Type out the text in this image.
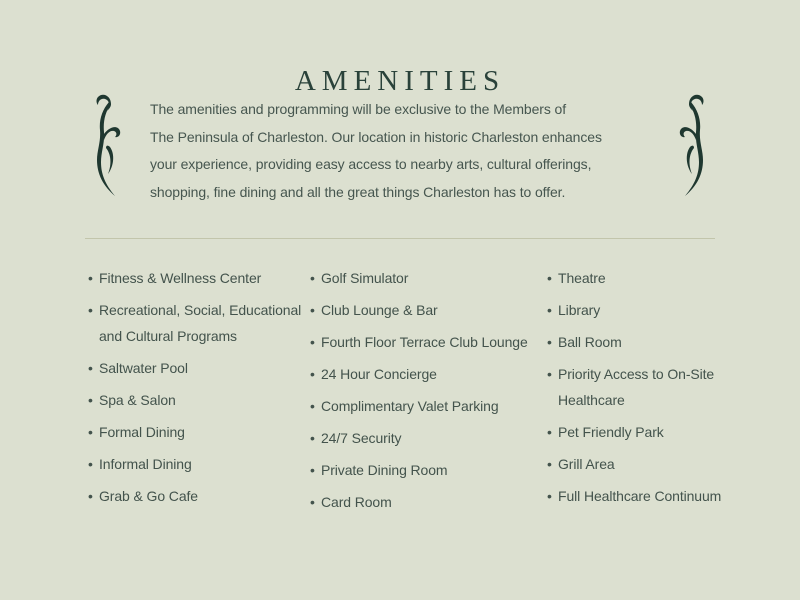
AMENITIES
The amenities and programming will be exclusive to the Members of
The Peninsula of Charleston. Our location in historic Charleston enhances
your experience, providing easy access to nearby arts, cultural offerings,
shopping, fine dining and all the great things Charleston has to offer.
• Fitness & Wellness Center
• Recreational, Social, Educational
and Cultural Programs
• Saltwater Pool
• Spa & Salon
• Formal Dining
• Informal Dining
• Grab & Go Cafe
• Golf Simulator
• Club Lounge & Bar
• Fourth Floor Terrace Club Lounge
• 24 Hour Concierge
• Complimentary Valet Parking
• 24/7 Security
• Private Dining Room
• Card Room
• Theatre
• Library
• Ball Room
• Priority Access to On-Site
Healthcare
• Pet Friendly Park
• Grill Area
• Full Healthcare Continuum
